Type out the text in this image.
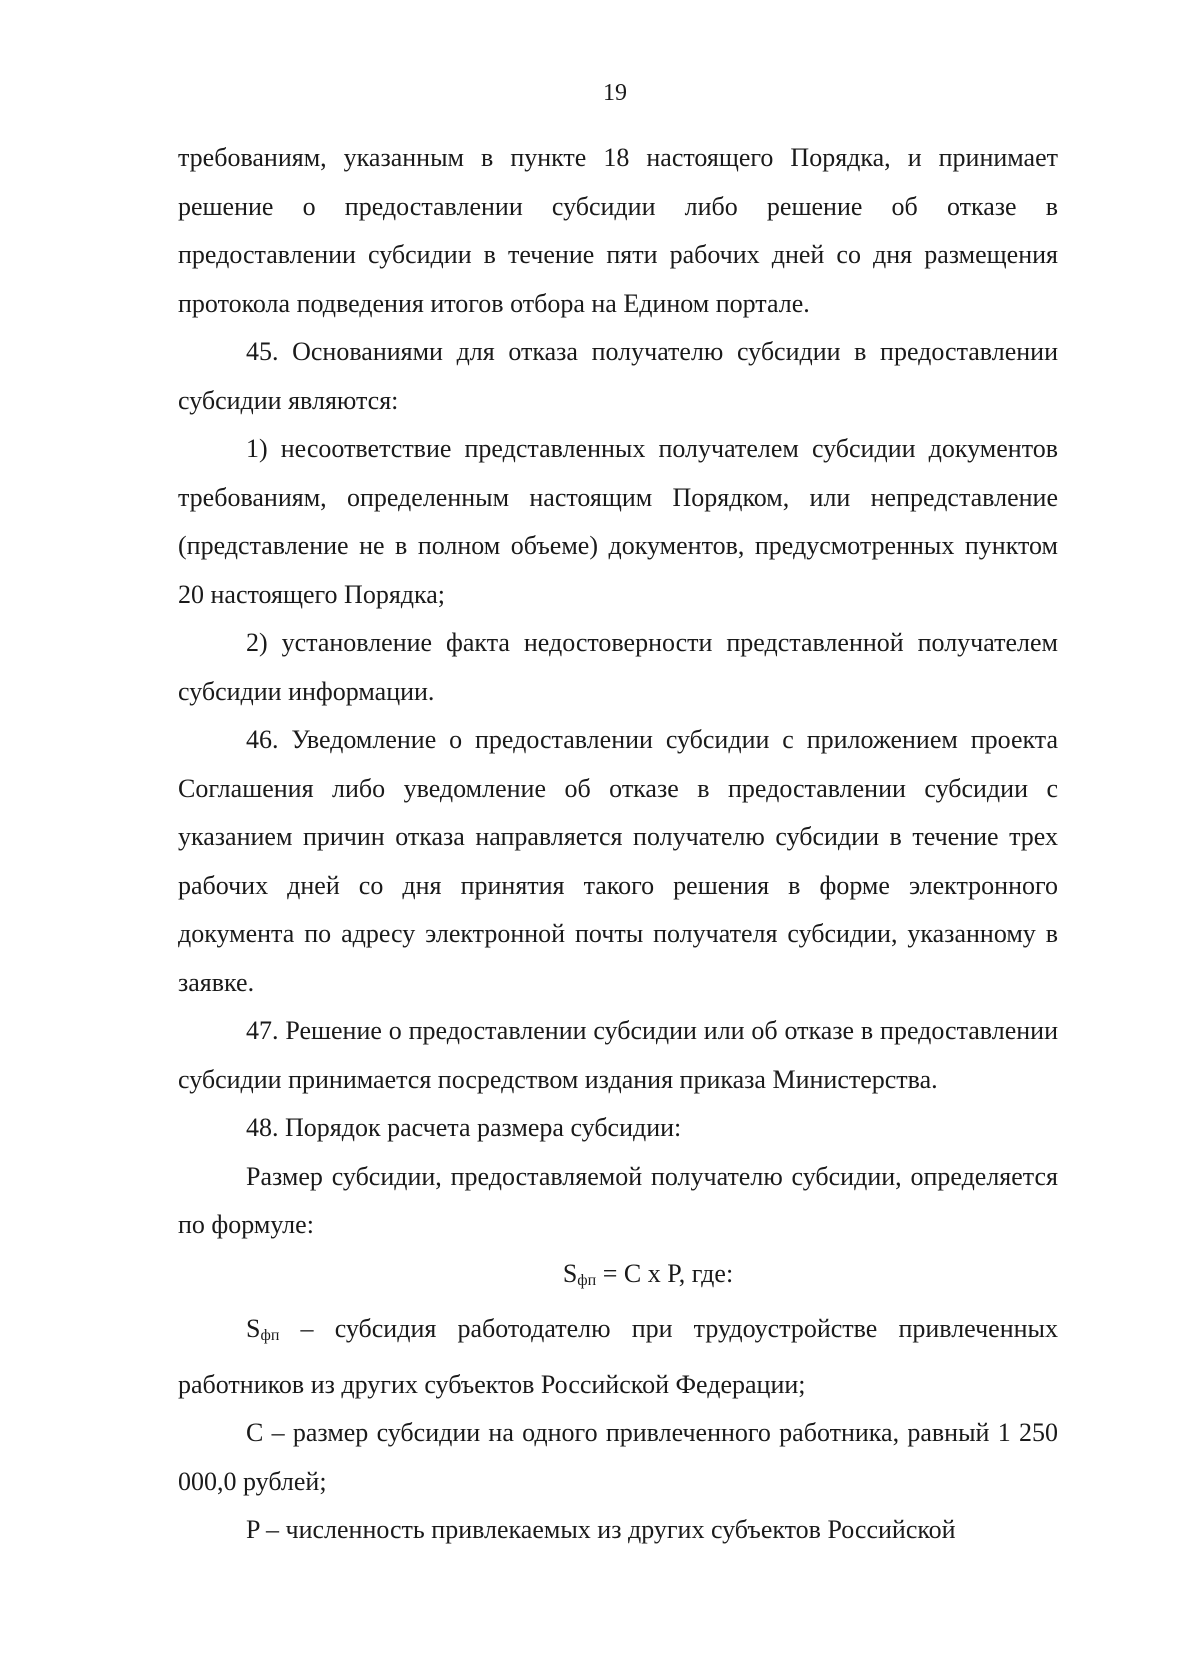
19

требованиям, указанным в пункте 18 настоящего Порядка, и принимает решение о предоставлении субсидии либо решение об отказе в предоставлении субсидии в течение пяти рабочих дней со дня размещения протокола подведения итогов отбора на Едином портале.

45. Основаниями для отказа получателю субсидии в предоставлении субсидии являются:

1) несоответствие представленных получателем субсидии документов требованиям, определенным настоящим Порядком, или непредставление (представление не в полном объеме) документов, предусмотренных пунктом 20 настоящего Порядка;

2) установление факта недостоверности представленной получателем субсидии информации.

46. Уведомление о предоставлении субсидии с приложением проекта Соглашения либо уведомление об отказе в предоставлении субсидии с указанием причин отказа направляется получателю субсидии в течение трех рабочих дней со дня принятия такого решения в форме электронного документа по адресу электронной почты получателя субсидии, указанному в заявке.

47. Решение о предоставлении субсидии или об отказе в предоставлении субсидии принимается посредством издания приказа Министерства.

48. Порядок расчета размера субсидии:

Размер субсидии, предоставляемой получателю субсидии, определяется по формуле:

$S_{фп} = C$ x P, где:

$S_{фп}$ – субсидия работодателю при трудоустройстве привлеченных работников из других субъектов Российской Федерации;

C – размер субсидии на одного привлеченного работника, равный 1 250 000,0 рублей;

P – численность привлекаемых из других субъектов Российской
